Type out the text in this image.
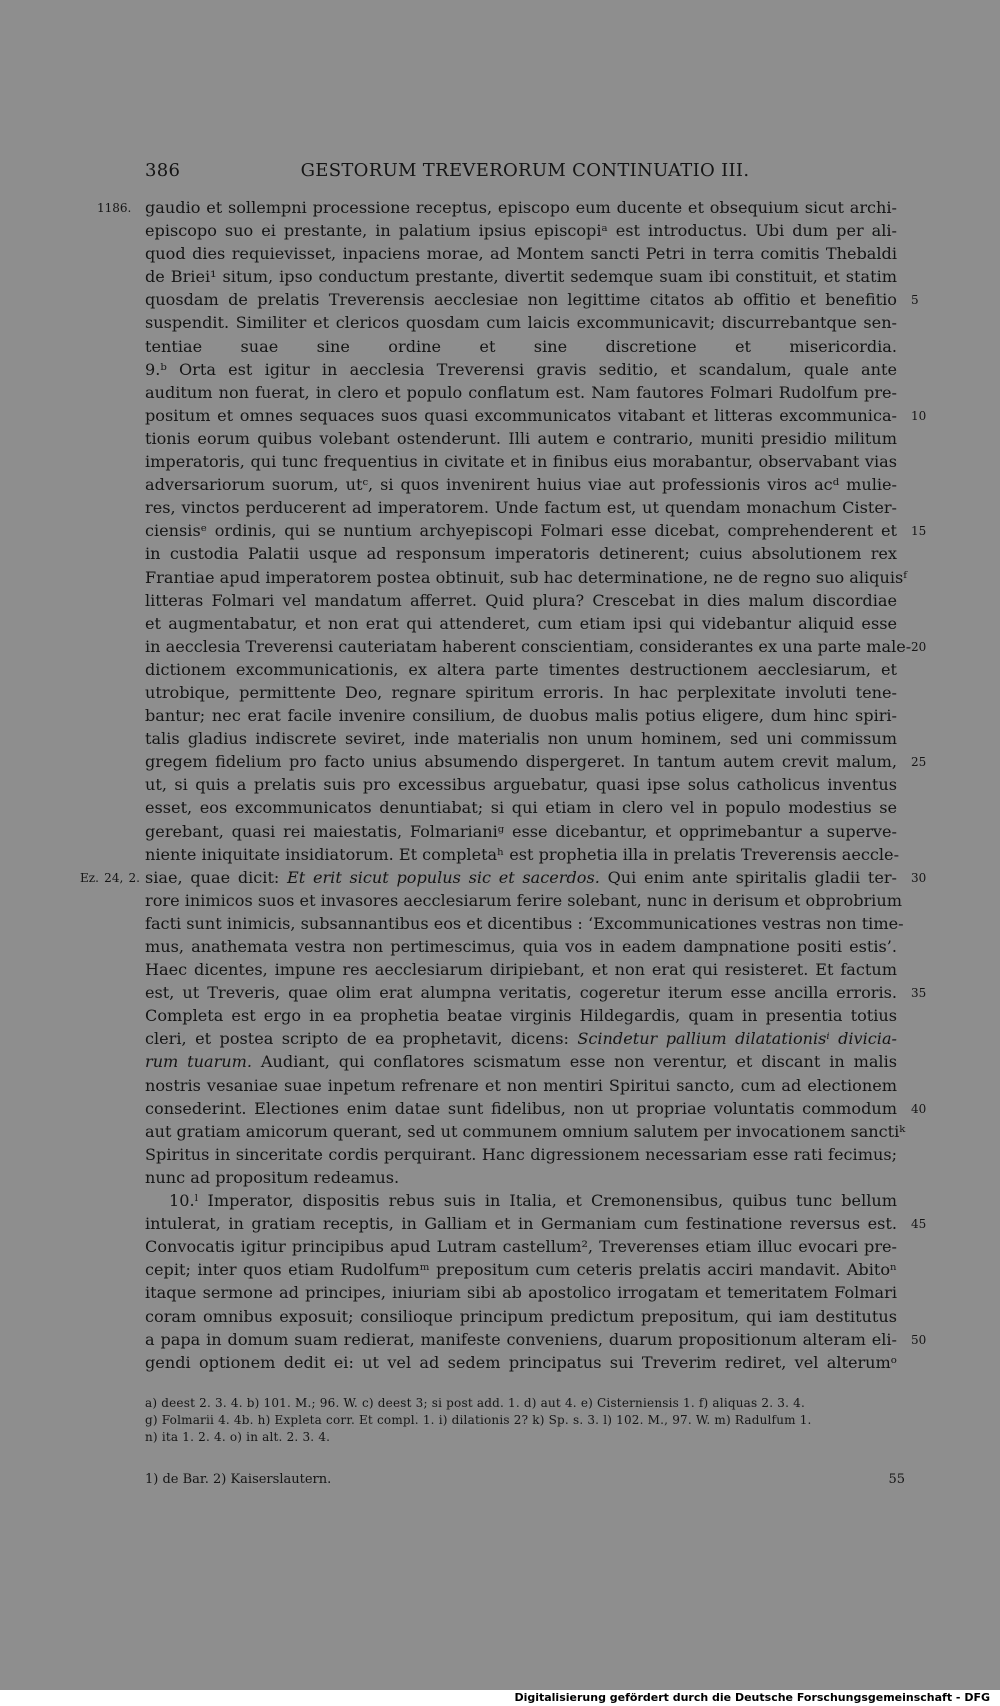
386	GESTORUM TREVERORUM CONTINUATIO III.
gaudio et sollempni processione receptus, episcopo eum ducente et obsequium sicut archi-
1186.
episcopo suo ei prestante, in palatium ipsius episcopiᵃ est introductus. Ubi dum per ali-
quod dies requievisset, inpaciens morae, ad Montem sancti Petri in terra comitis Thebaldi
de Briei¹ situm, ipso conductum prestante, divertit sedemque suam ibi constituit, et statim
quosdam de prelatis Treverensis aecclesiae non legittime citatos ab offitio et benefitio 5
suspendit. Similiter et clericos quosdam cum laicis excommunicavit; discurrebantque sen-
tentiae suae sine ordine et sine discretione et misericordia.
9.ᵇ Orta est igitur in aecclesia Treverensi gravis seditio, et scandalum, quale ante
auditum non fuerat, in clero et populo conflatum est. Nam fautores Folmari Rudolfum pre-
positum et omnes sequaces suos quasi excommunicatos vitabant et litteras excommunica- 10
tionis eorum quibus volebant ostenderunt. Illi autem e contrario, muniti presidio militum
imperatoris, qui tunc frequentius in civitate et in finibus eius morabantur, observabant vias
adversariorum suorum, utᶜ, si quos invenirent huius viae aut professionis viros acᵈ mulie-
res, vinctos perducerent ad imperatorem. Unde factum est, ut quendam monachum Cister-
ciensisᵉ ordinis, qui se nuntium archyepiscopi Folmari esse dicebat, comprehenderent et 15
in custodia Palatii usque ad responsum imperatoris detinerent; cuius absolutionem rex
Frantiae apud imperatorem postea obtinuit, sub hac determinatione, ne de regno suo aliquisᶠ
litteras Folmari vel mandatum afferret. Quid plura? Crescebat in dies malum discordiae
et augmentabatur, et non erat qui attenderet, cum etiam ipsi qui videbantur aliquid esse
in aecclesia Treverensi cauteriatam haberent conscientiam, considerantes ex una parte male- 20
dictionem excommunicationis, ex altera parte timentes destructionem aecclesiarum, et
utrobique, permittente Deo, regnare spiritum erroris. In hac perplexitate involuti tene-
bantur; nec erat facile invenire consilium, de duobus malis potius eligere, dum hinc spiri-
talis gladius indiscrete seviret, inde materialis non unum hominem, sed uni commissum
gregem fidelium pro facto unius absumendo dispergeret. In tantum autem crevit malum, 25
ut, si quis a prelatis suis pro excessibus arguebatur, quasi ipse solus catholicus inventus
esset, eos excommunicatos denuntiabat; si qui etiam in clero vel in populo modestius se
gerebant, quasi rei maiestatis, Folmarianiᵍ esse dicebantur, et opprimebantur a superve-
niente iniquitate insidiatorum. Et completaʰ est prophetia illa in prelatis Treverensis aeccle-
siae, quae dicit: Et erit sicut populus sic et sacerdos. Qui enim ante spiritalis gladii ter-
Ez. 24, 2.	30
rore inimicos suos et invasores aecclesiarum ferire solebant, nunc in derisum et obprobrium
facti sunt inimicis, subsannantibus eos et dicentibus : ‘Excommunicationes vestras non time-
mus, anathemata vestra non pertimescimus, quia vos in eadem dampnatione positi estis’.
Haec dicentes, impune res aecclesiarum diripiebant, et non erat qui resisteret. Et factum
est, ut Treveris, quae olim erat alumpna veritatis, cogeretur iterum esse ancilla erroris. 35
Completa est ergo in ea prophetia beatae virginis Hildegardis, quam in presentia totius
cleri, et postea scripto de ea prophetavit, dicens: Scindetur pallium dilatationisⁱ divicia-
rum tuarum. Audiant, qui conflatores scismatum esse non verentur, et discant in malis
nostris vesaniae suae inpetum refrenare et non mentiri Spiritui sancto, cum ad electionem
consederint. Electiones enim datae sunt fidelibus, non ut propriae voluntatis commodum 40
aut gratiam amicorum querant, sed ut communem omnium salutem per invocationem sanctiᵏ
Spiritus in sinceritate cordis perquirant. Hanc digressionem necessariam esse rati fecimus;
nunc ad propositum redeamus.
10.ˡ Imperator, dispositis rebus suis in Italia, et Cremonensibus, quibus tunc bellum
intulerat, in gratiam receptis, in Galliam et in Germaniam cum festinatione reversus est. 45
Convocatis igitur principibus apud Lutram castellum², Treverenses etiam illuc evocari pre-
cepit; inter quos etiam Rudolfumᵐ prepositum cum ceteris prelatis acciri mandavit. Abitoⁿ
itaque sermone ad principes, iniuriam sibi ab apostolico irrogatam et temeritatem Folmari
coram omnibus exposuit; consilioque principum predictum prepositum, qui iam destitutus
a papa in domum suam redierat, manifeste conveniens, duarum propositionum alteram eli- 50
gendi optionem dedit ei: ut vel ad sedem principatus sui Treverim rediret, vel alterumᵒ
a) deest 2. 3. 4. b) 101. M.; 96. W. c) deest 3; si post add. 1. d) aut 4. e) Cisterniensis 1. f) aliquas 2. 3. 4.
g) Folmarii 4. 4b. h) Expleta corr. Et compl. 1. i) dilationis 2? k) Sp. s. 3. l) 102. M., 97. W. m) Radulfum 1.
n) ita 1. 2. 4. o) in alt. 2. 3. 4.
1) de Bar. 2) Kaiserslautern.	55
Digitalisierung gefördert durch die Deutsche Forschungsgemeinschaft - DFG
